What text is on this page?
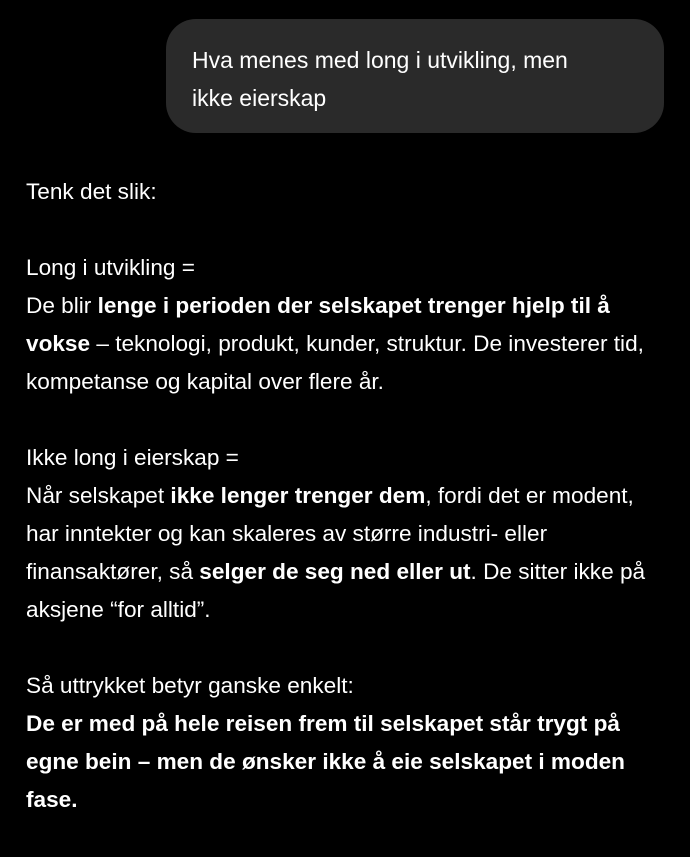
Hva menes med long i utvikling, men
ikke eierskap

Tenk det slik:

Long i utvikling =
De blir lenge i perioden der selskapet trenger hjelp til å vokse – teknologi, produkt, kunder, struktur. De investerer tid, kompetanse og kapital over flere år.

Ikke long i eierskap =
Når selskapet ikke lenger trenger dem, fordi det er modent, har inntekter og kan skaleres av større industri- eller finansaktører, så selger de seg ned eller ut. De sitter ikke på aksjene “for alltid”.

Så uttrykket betyr ganske enkelt:
De er med på hele reisen frem til selskapet står trygt på egne bein – men de ønsker ikke å eie selskapet i moden fase.
